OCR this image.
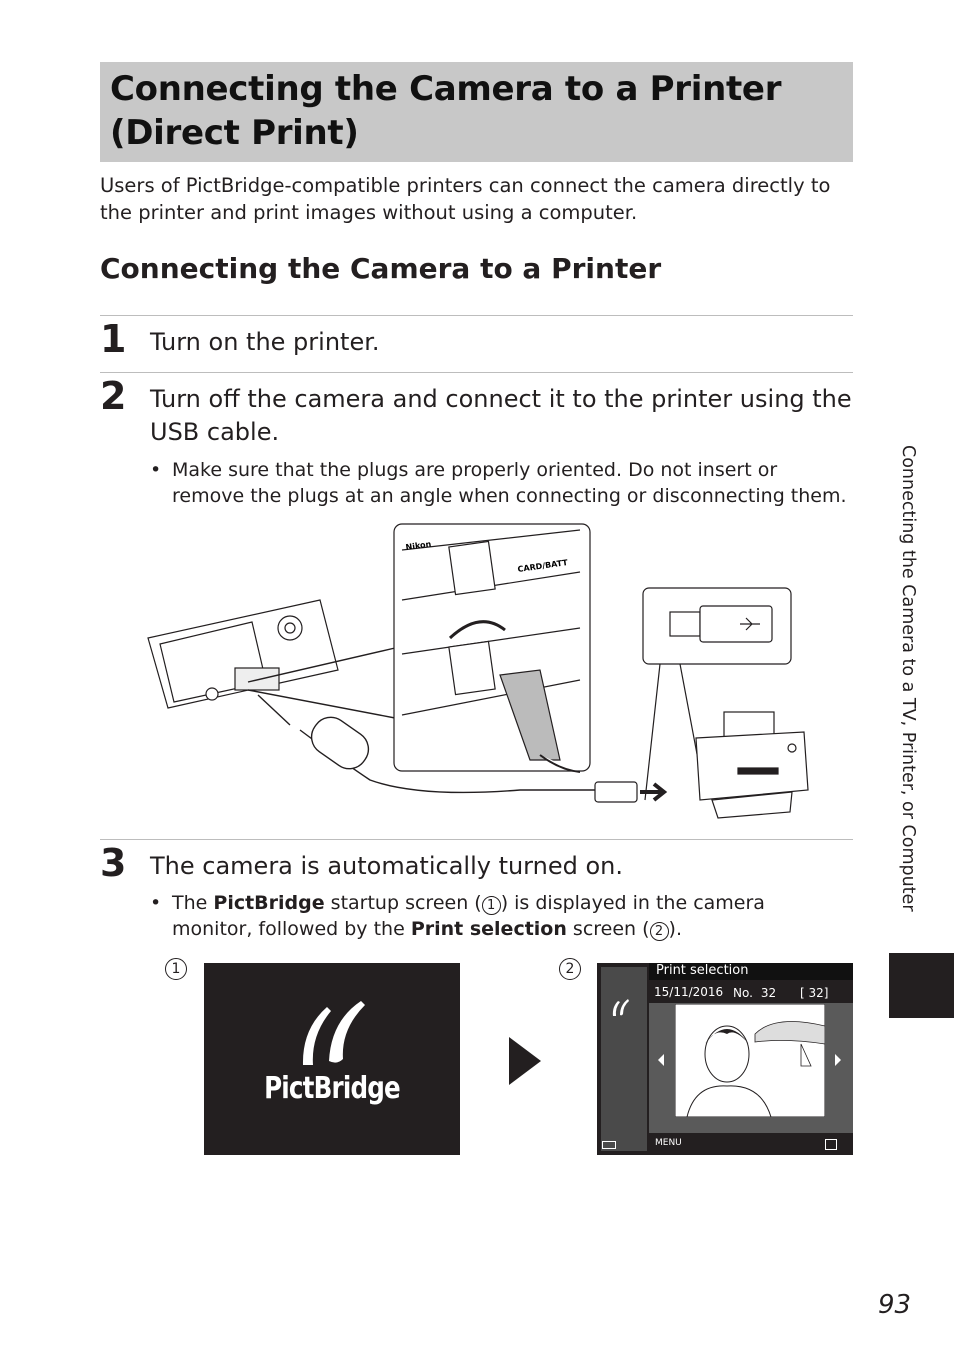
Connecting the Camera to a Printer (Direct Print)
Users of PictBridge-compatible printers can connect the camera directly to the printer and print images without using a computer.
Connecting the Camera to a Printer
1 Turn on the printer.
2 Turn off the camera and connect it to the printer using the USB cable.
• Make sure that the plugs are properly oriented. Do not insert or remove the plugs at an angle when connecting or disconnecting them.
Nikon
CARD/BATT
3 The camera is automatically turned on.
• The PictBridge startup screen ( 1 ) is displayed in the camera monitor, followed by the Print selection screen ( 2 ).
1
PictBridge
2	Print selection
15/11/2016 No. 32 [ 32]
MENU
Connecting the Camera to a TV, Printer, or Computer
93
